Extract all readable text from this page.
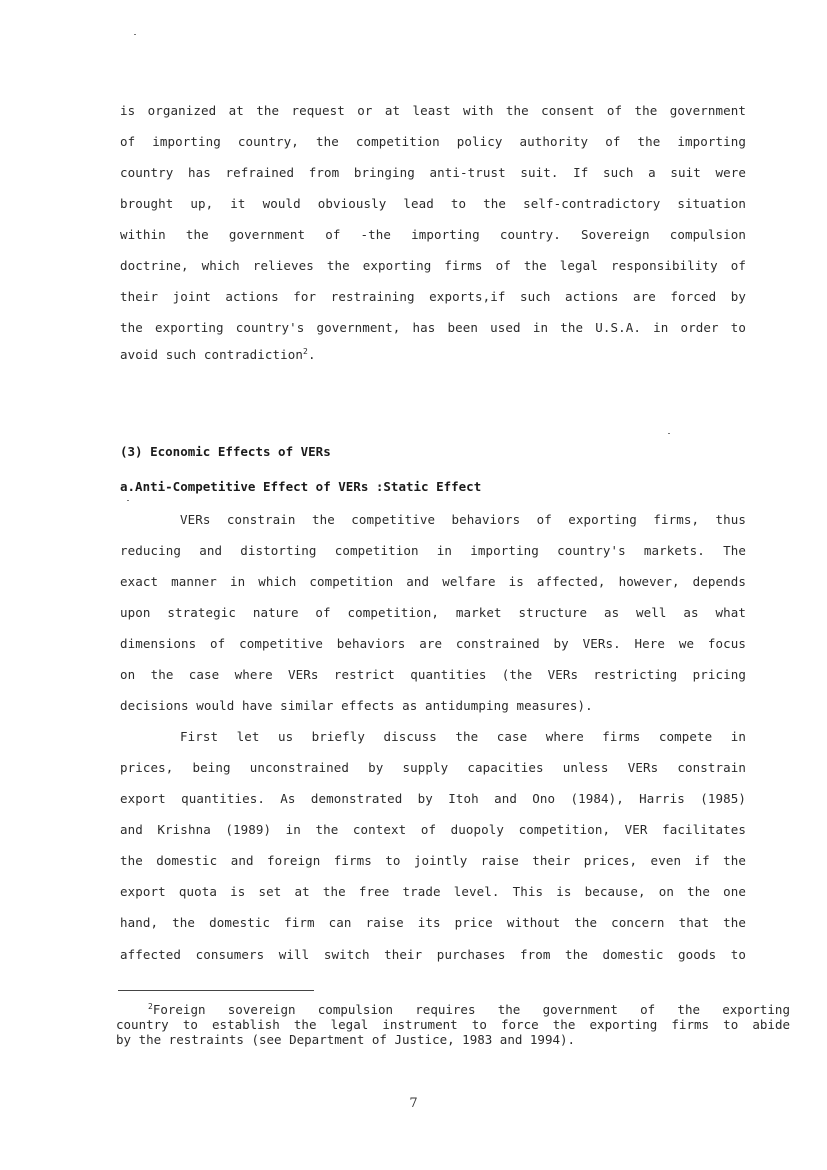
is organized at the request or at least with the consent of the government
of importing country, the competition policy authority of the importing
country has refrained from bringing anti-trust suit. If such a suit were
brought up, it would obviously lead to the self-contradictory situation
within the government of -the importing country. Sovereign compulsion
doctrine, which relieves the exporting firms of the legal responsibility of
their joint actions for restraining exports,if such actions are forced by
the exporting country's government, has been used in the U.S.A. in order to
avoid such contradiction$^2$.
(3) Economic Effects of VERs
a.Anti-Competitive Effect of VERs :Static Effect
VERs constrain the competitive behaviors of exporting firms, thus
reducing and distorting competition in importing country's markets. The
exact manner in which competition and welfare is affected, however, depends
upon strategic nature of competition, market structure as well as what
dimensions of competitive behaviors are constrained by VERs. Here we focus
on the case where VERs restrict quantities (the VERs restricting pricing
decisions would have similar effects as antidumping measures).
First let us briefly discuss the case where firms compete in
prices, being unconstrained by supply capacities unless VERs constrain
export quantities. As demonstrated by Itoh and Ono (1984), Harris (1985)
and Krishna (1989) in the context of duopoly competition, VER facilitates
the domestic and foreign firms to jointly raise their prices, even if the
export quota is set at the free trade level. This is because, on the one
hand, the domestic firm can raise its price without the concern that the
affected consumers will switch their purchases from the domestic goods to
$^2$Foreign sovereign compulsion requires the government of the exporting
country to establish the legal instrument to force the exporting firms to abide
by the restraints (see Department of Justice, 1983 and 1994).
7
